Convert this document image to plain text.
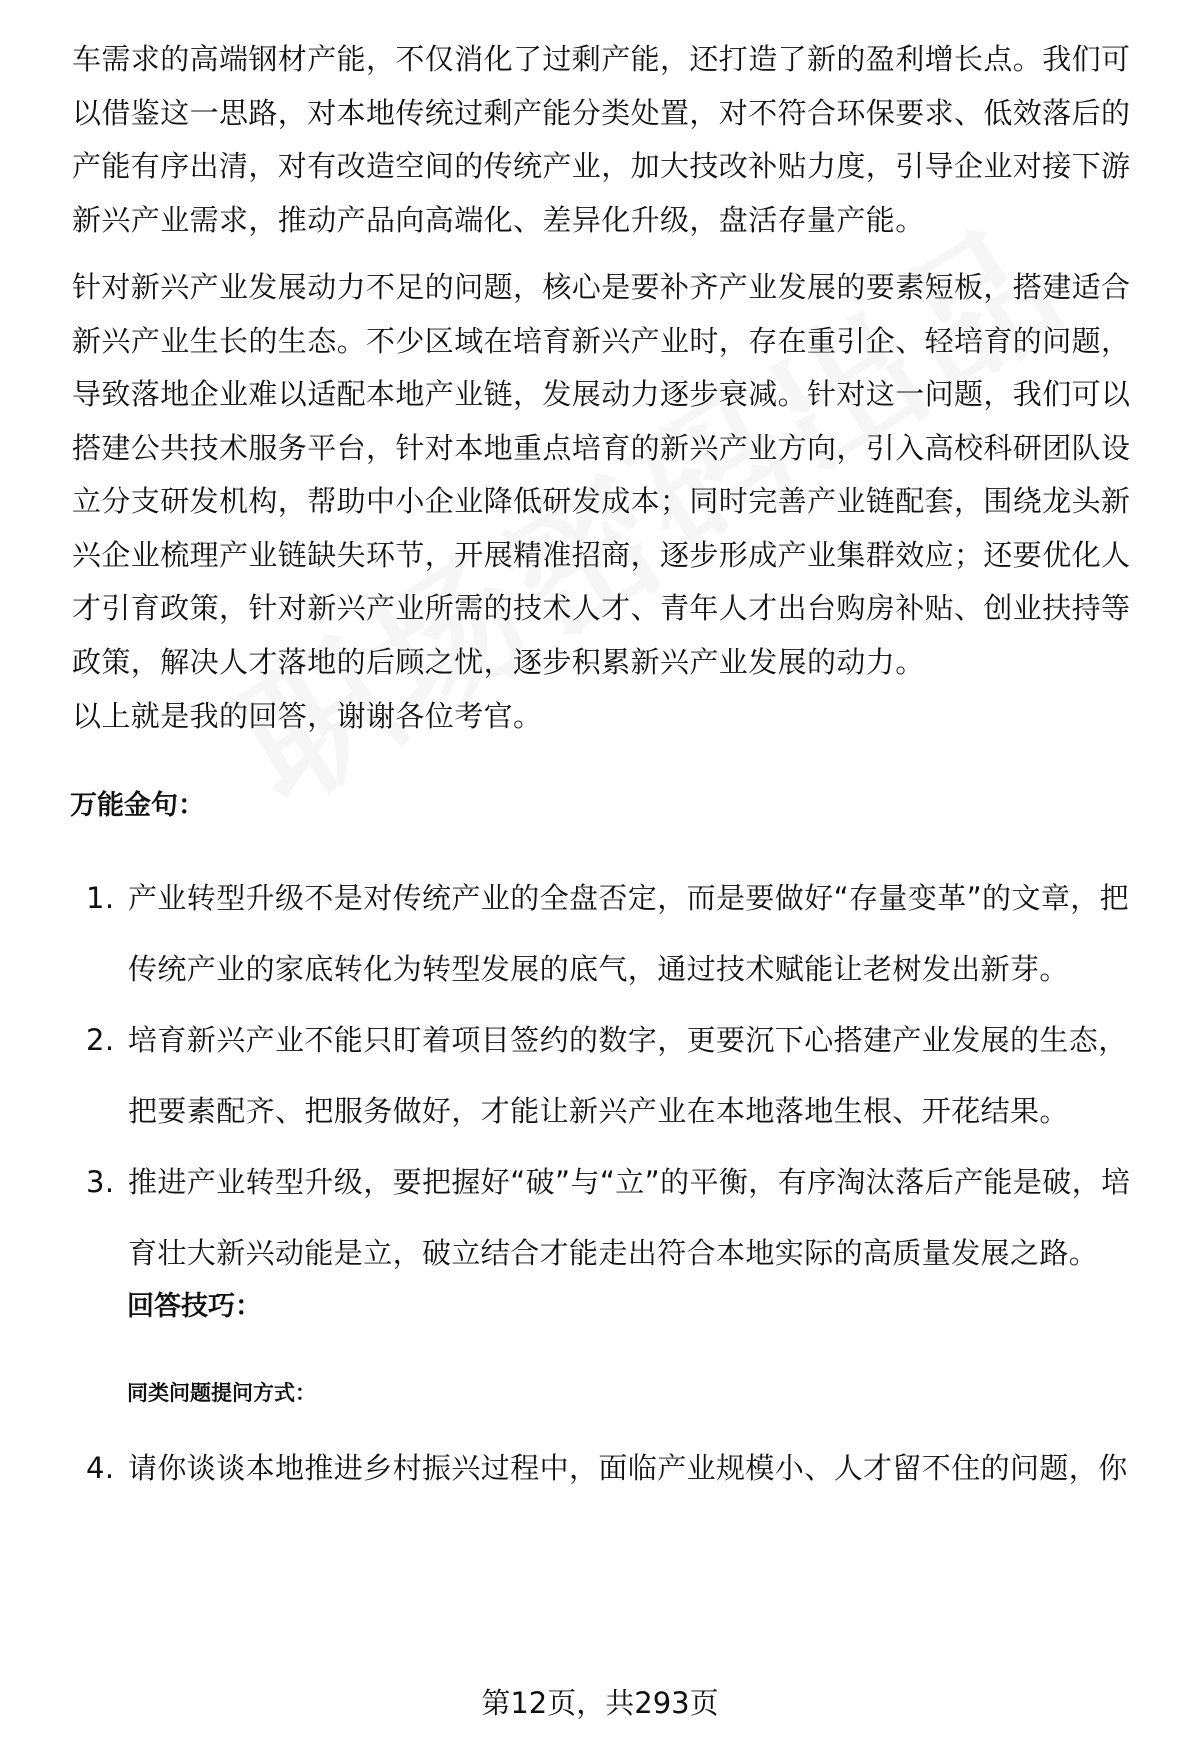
车需求的高端钢材产能，不仅消化了过剩产能，还打造了新的盈利增长点。我们可以借鉴这一思路，对本地传统过剩产能分类处置，对不符合环保要求、低效落后的产能有序出清，对有改造空间的传统产业，加大技改补贴力度，引导企业对接下游新兴产业需求，推动产品向高端化、差异化升级，盘活存量产能。

针对新兴产业发展动力不足的问题，核心是要补齐产业发展的要素短板，搭建适合新兴产业生长的生态。不少区域在培育新兴产业时，存在重引企、轻培育的问题，导致落地企业难以适配本地产业链，发展动力逐步衰减。针对这一问题，我们可以搭建公共技术服务平台，针对本地重点培育的新兴产业方向，引入高校科研团队设立分支研发机构，帮助中小企业降低研发成本；同时完善产业链配套，围绕龙头新兴企业梳理产业链缺失环节，开展精准招商，逐步形成产业集群效应；还要优化人才引育政策，针对新兴产业所需的技术人才、青年人才出台购房补贴、创业扶持等政策，解决人才落地的后顾之忧，逐步积累新兴产业发展的动力。

以上就是我的回答，谢谢各位考官。

万能金句：
1. 产业转型升级不是对传统产业的全盘否定，而是要做好“存量变革”的文章，把传统产业的家底转化为转型发展的底气，通过技术赋能让老树发出新芽。
2. 培育新兴产业不能只盯着项目签约的数字，更要沉下心搭建产业发展的生态，把要素配齐、把服务做好，才能让新兴产业在本地落地生根、开花结果。
3. 推进产业转型升级，要把握好“破”与“立”的平衡，有序淘汰落后产能是破，培育壮大新兴动能是立，破立结合才能走出符合本地实际的高质量发展之路。
回答技巧：
同类问题提问方式：
4. 请你谈谈本地推进乡村振兴过程中，面临产业规模小、人才留不住的问题，你
第12页，共293页
